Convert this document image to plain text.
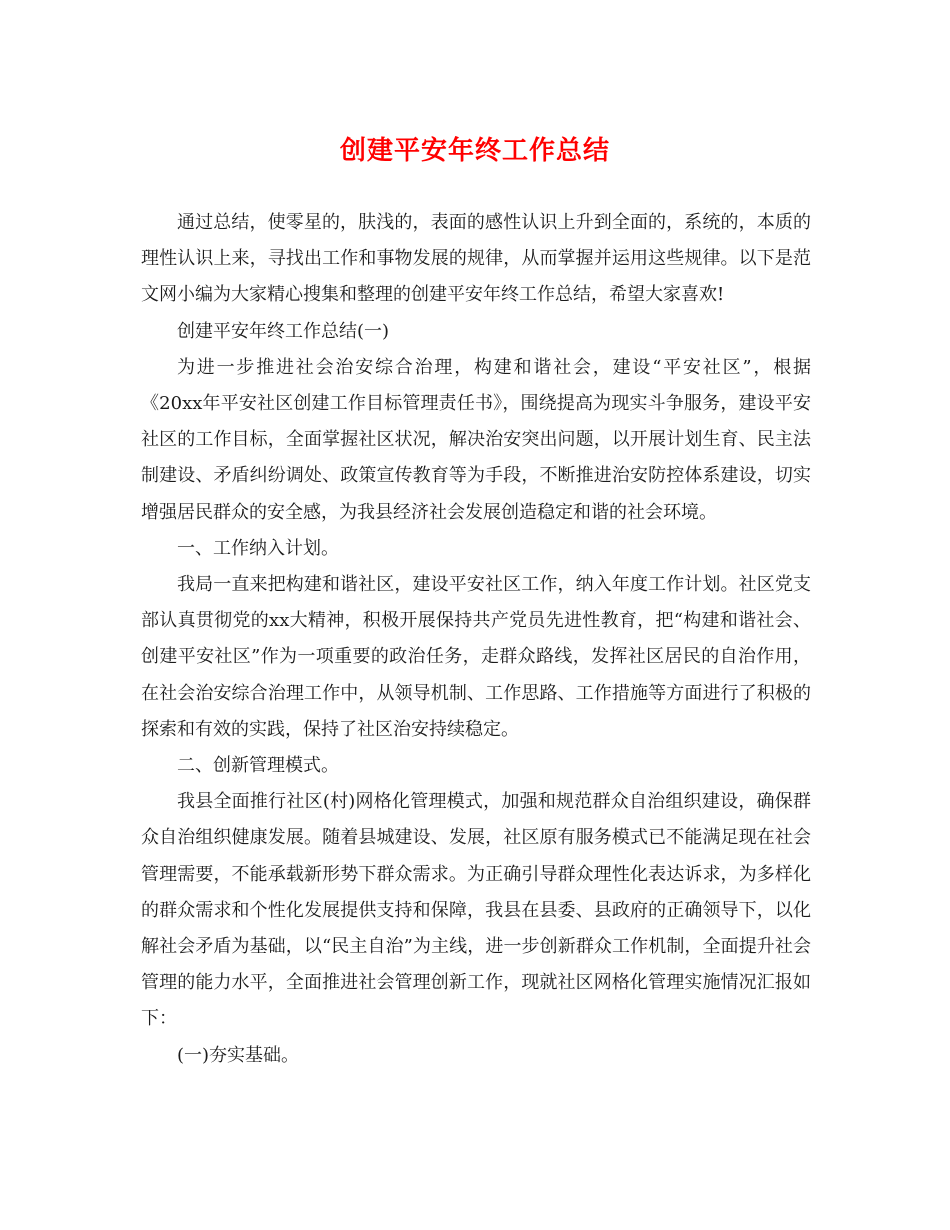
创建平安年终工作总结

通过总结，使零星的，肤浅的，表面的感性认识上升到全面的，系统的，本质的理性认识上来，寻找出工作和事物发展的规律，从而掌握并运用这些规律。以下是范文网小编为大家精心搜集和整理的创建平安年终工作总结，希望大家喜欢!

创建平安年终工作总结(一)

为进一步推进社会治安综合治理，构建和谐社会，建设“平安社区”，根据《20xx年平安社区创建工作目标管理责任书》，围绕提高为现实斗争服务，建设平安社区的工作目标，全面掌握社区状况，解决治安突出问题，以开展计划生育、民主法制建设、矛盾纠纷调处、政策宣传教育等为手段，不断推进治安防控体系建设，切实增强居民群众的安全感，为我县经济社会发展创造稳定和谐的社会环境。

一、工作纳入计划。

我局一直来把构建和谐社区，建设平安社区工作，纳入年度工作计划。社区党支部认真贯彻党的xx大精神，积极开展保持共产党员先进性教育，把“构建和谐社会、创建平安社区”作为一项重要的政治任务，走群众路线，发挥社区居民的自治作用，在社会治安综合治理工作中，从领导机制、工作思路、工作措施等方面进行了积极的探索和有效的实践，保持了社区治安持续稳定。

二、创新管理模式。

我县全面推行社区(村)网格化管理模式，加强和规范群众自治组织建设，确保群众自治组织健康发展。随着县城建设、发展，社区原有服务模式已不能满足现在社会管理需要，不能承载新形势下群众需求。为正确引导群众理性化表达诉求，为多样化的群众需求和个性化发展提供支持和保障，我县在县委、县政府的正确领导下，以化解社会矛盾为基础，以“民主自治”为主线，进一步创新群众工作机制，全面提升社会管理的能力水平，全面推进社会管理创新工作，现就社区网格化管理实施情况汇报如下：

(一)夯实基础。
